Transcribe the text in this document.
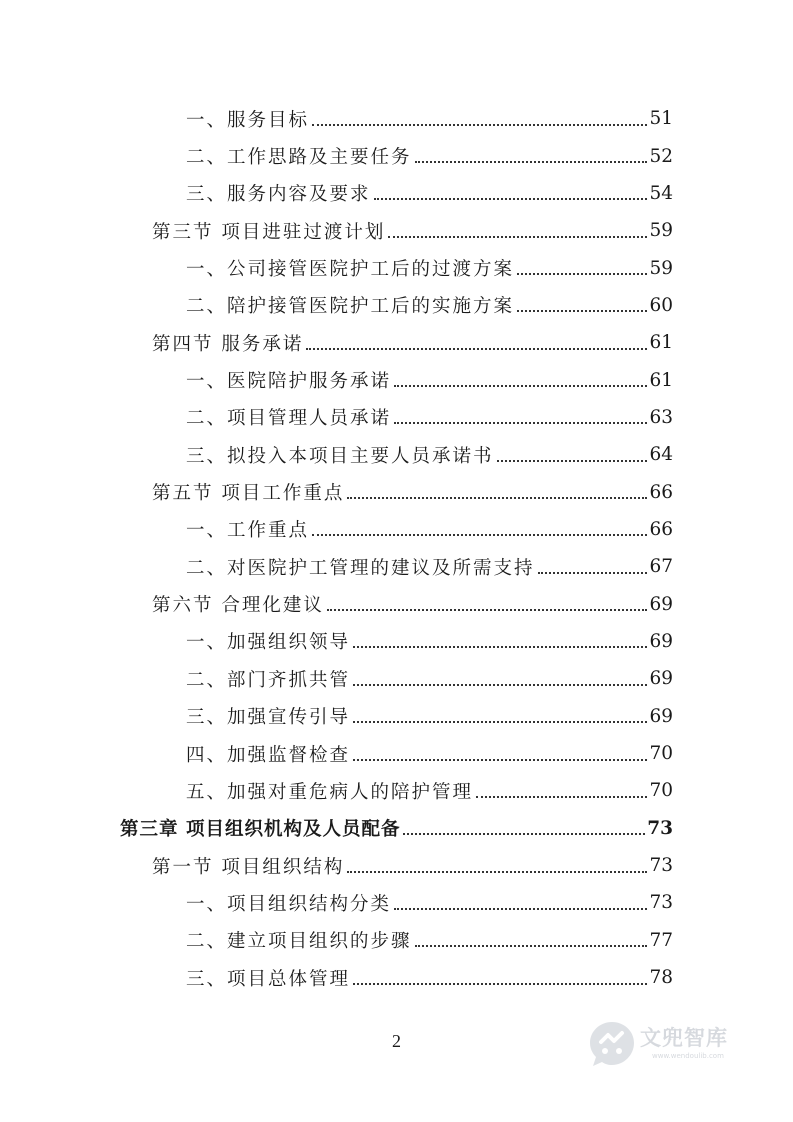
一、服务目标	51
二、工作思路及主要任务	52
三、服务内容及要求	54
第三节 项目进驻过渡计划	59
一、公司接管医院护工后的过渡方案	59
二、陪护接管医院护工后的实施方案	60
第四节 服务承诺	61
一、医院陪护服务承诺	61
二、项目管理人员承诺	63
三、拟投入本项目主要人员承诺书	64
第五节 项目工作重点	66
一、工作重点	66
二、对医院护工管理的建议及所需支持	67
第六节 合理化建议	69
一、加强组织领导	69
二、部门齐抓共管	69
三、加强宣传引导	69
四、加强监督检查	70
五、加强对重危病人的陪护管理	70
第三章 项目组织机构及人员配备	73
第一节 项目组织结构	73
一、项目组织结构分类	73
二、建立项目组织的步骤	77
三、项目总体管理	78
2	文兜智库
www.wendoulib.com
